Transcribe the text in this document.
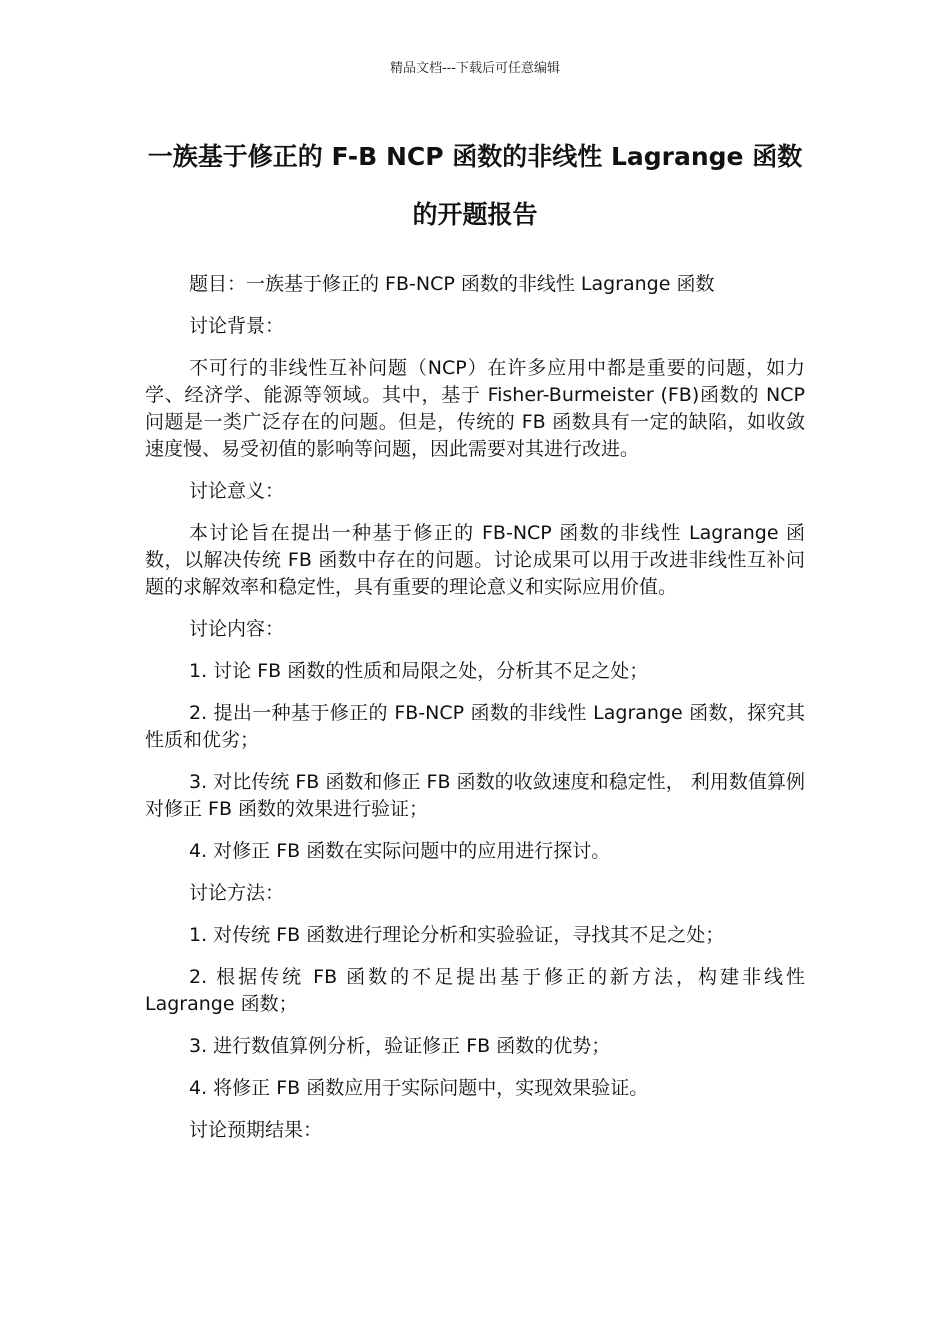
精品文档---下载后可任意编辑
一族基于修正的 F-B NCP 函数的非线性 Lagrange 函数的开题报告

题目：一族基于修正的 FB-NCP 函数的非线性 Lagrange 函数

讨论背景：

不可行的非线性互补问题（NCP）在许多应用中都是重要的问题，如力学、经济学、能源等领域。其中，基于 Fisher-Burmeister (FB)函数的 NCP 问题是一类广泛存在的问题。但是，传统的 FB 函数具有一定的缺陷，如收敛速度慢、易受初值的影响等问题，因此需要对其进行改进。

讨论意义：

本讨论旨在提出一种基于修正的 FB-NCP 函数的非线性 Lagrange 函数，以解决传统 FB 函数中存在的问题。讨论成果可以用于改进非线性互补问题的求解效率和稳定性，具有重要的理论意义和实际应用价值。

讨论内容：

1. 讨论 FB 函数的性质和局限之处，分析其不足之处；

2. 提出一种基于修正的 FB-NCP 函数的非线性 Lagrange 函数，探究其性质和优劣；

3. 对比传统 FB 函数和修正 FB 函数的收敛速度和稳定性， 利用数值算例对修正 FB 函数的效果进行验证；

4. 对修正 FB 函数在实际问题中的应用进行探讨。

讨论方法：

1. 对传统 FB 函数进行理论分析和实验验证，寻找其不足之处；

2. 根据传统 FB 函数的不足提出基于修正的新方法，构建非线性 Lagrange 函数；

3. 进行数值算例分析，验证修正 FB 函数的优势；

4. 将修正 FB 函数应用于实际问题中，实现效果验证。

讨论预期结果：
